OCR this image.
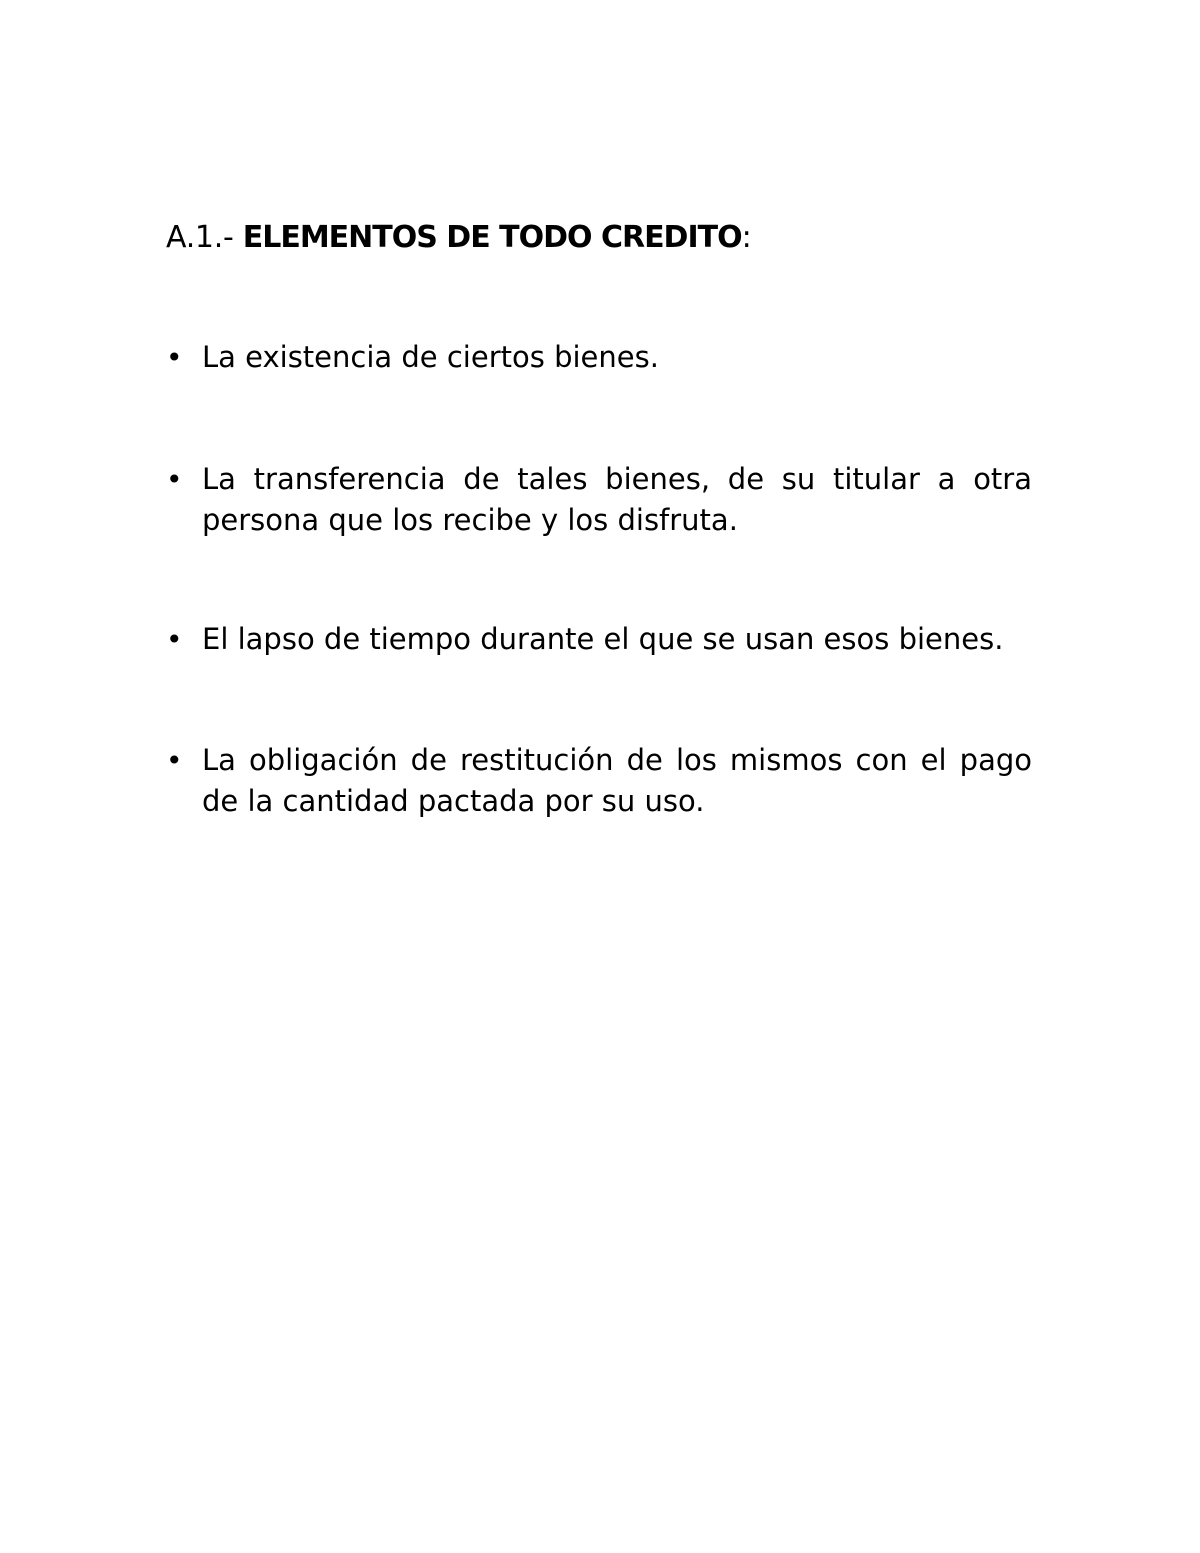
A.1.- ELEMENTOS DE TODO CREDITO:
• La existencia de ciertos bienes.
• La transferencia de tales bienes, de su titular a otra persona que los recibe y los disfruta.
• El lapso de tiempo durante el que se usan esos bienes.
• La obligación de restitución de los mismos con el pago de la cantidad pactada por su uso.
